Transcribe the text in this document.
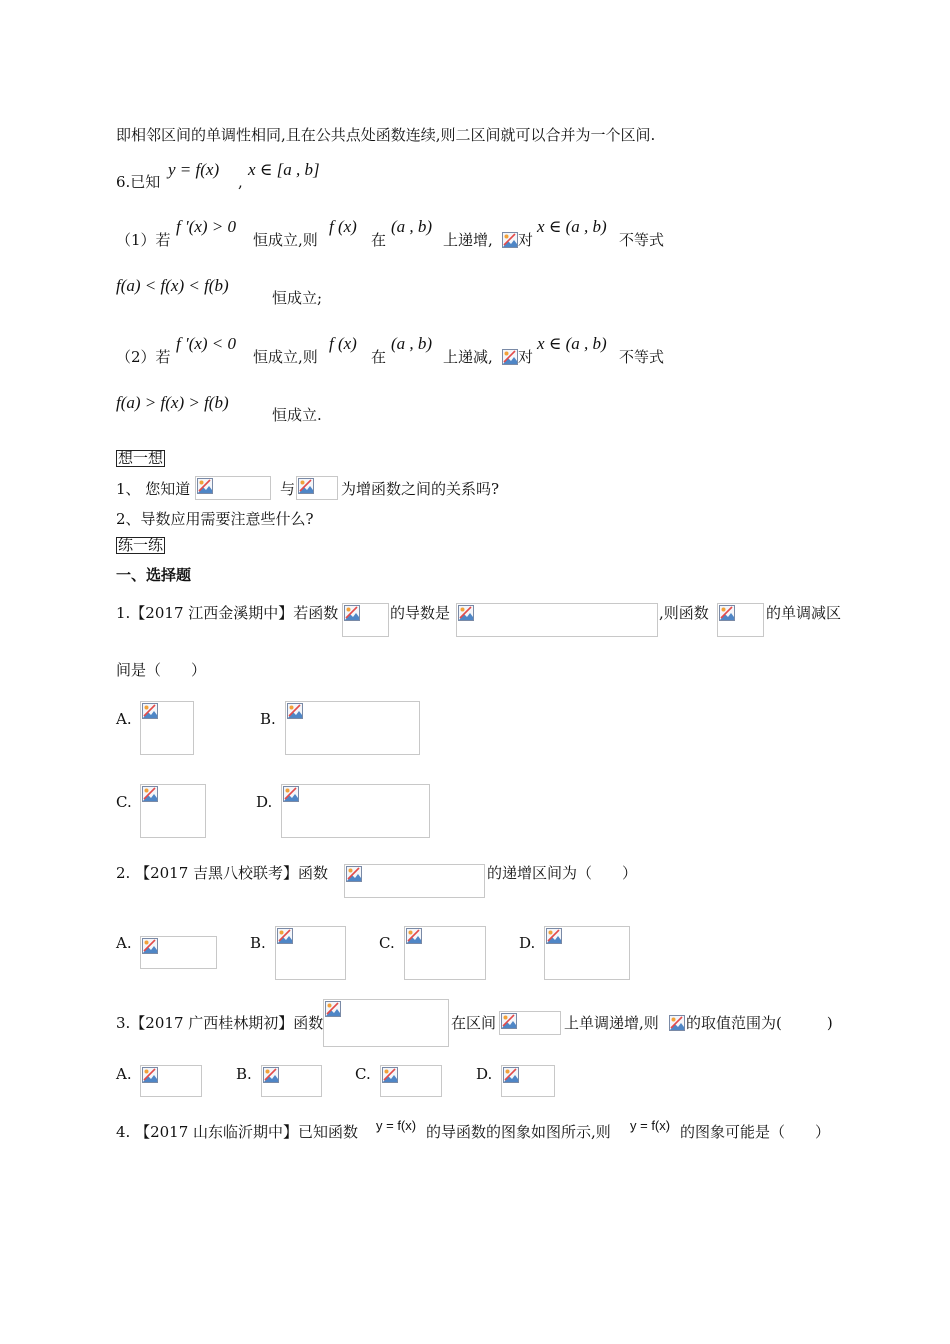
即相邻区间的单调性相同,且在公共点处函数连续,则二区间就可以合并为一个区间.
6.已知
y = f(x)
,
x ∈ [a , b]
（1）若
f ′(x) > 0
恒成立,则
f (x)
在
(a , b)
上递增, 对
x ∈ (a , b)
不等式
f(a) < f(x) < f(b)
恒成立;
（2）若
f ′(x) < 0
恒成立,则
f (x)
在
(a , b)
上递减, 对
x ∈ (a , b)
不等式
f(a) > f(x) > f(b)
恒成立.
想一想
1、 您知道	与	为增函数之间的关系吗?
2、导数应用需要注意些什么?
练一练
一、选择题
1.【2017 江西金溪期中】若函数	的导数是	,则函数	的单调减区
间是（　　）
A.	B.
C.	D.
2. 【2017 吉黑八校联考】函数	的递增区间为（　　）
A.	B.	C.	D.
3.【2017 广西桂林期初】函数	在区间	上单调递增,则 的取值范围为(　　　)
A.	B.	C.	D.
4. 【2017 山东临沂期中】已知函数 y = f(x) 的导函数的图象如图所示,则 y = f(x) 的图象可能是（　　）
